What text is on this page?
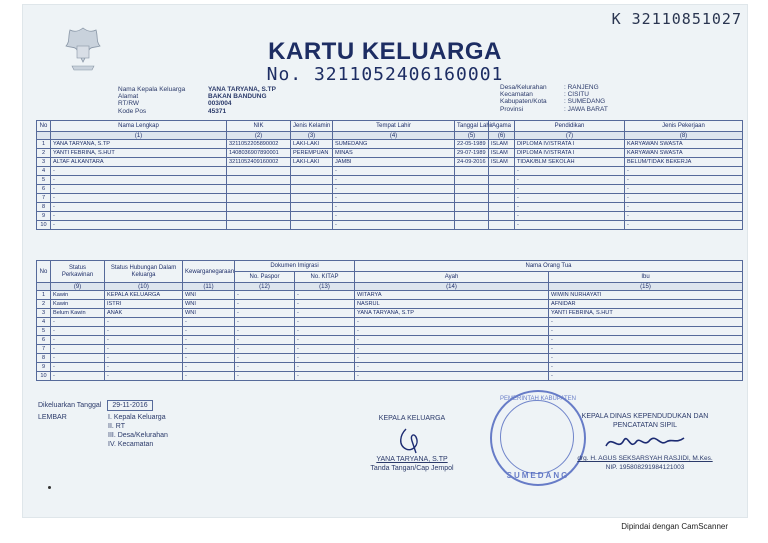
K 32110851027
KARTU KELUARGA
No. 3211052406160001
Nama Kepala Keluarga	YANA TARYANA, S.TP
Alamat	BAKAN BANDUNG
RT/RW	003/004
Kode Pos	45371
Desa/Kelurahan	: RANJENG
Kecamatan	: CISITU
Kabupaten/Kota	: SUMEDANG
Provinsi	: JAWA BARAT
No	Nama Lengkap	NIK	Jenis Kelamin	Tempat Lahir	Tanggal Lahir	Agama	Pendidikan	Jenis Pekerjaan
	(1)	(2)	(3)	(4)	(5)	(6)	(7)	(8)
1	YANA TARYANA, S.TP	3211052205890002	LAKI-LAKI	SUMEDANG	22-05-1989	ISLAM	DIPLOMA IV/STRATA I	KARYAWAN SWASTA
2	YANTI FEBRINA, S.HUT	1408036907890001	PEREMPUAN	MINAS	29-07-1989	ISLAM	DIPLOMA IV/STRATA I	KARYAWAN SWASTA
3	ALTAF ALKANTARA	3211052409160002	LAKI-LAKI	JAMBI	24-09-2016	ISLAM	TIDAK/BLM SEKOLAH	BELUM/TIDAK BEKERJA
4	-			-			-	-
5	-			-			-	-
6	-			-			-	-
7	-			-			-	-
8	-			-			-	-
9	-			-			-	-
10	-			-			-	-
No	Status Perkawinan	Status Hubungan Dalam Keluarga	Kewarganegaraan	Dokumen Imigrasi		Nama Orang Tua	
				No. Paspor	No. KITAP	Ayah	Ibu
	(9)	(10)	(11)	(12)	(13)	(14)	(15)
1	Kawin	KEPALA KELUARGA	WNI	-	-	WITARYA	WIWIN NURHAYATI
2	Kawin	ISTRI	WNI	-	-	NASRUL	AFNIDAR
3	Belum Kawin	ANAK	WNI	-	-	YANA TARYANA, S.TP	YANTI FEBRINA, S.HUT
4	-	-	-	-	-	-	-
5	-	-	-	-	-	-	-
6	-	-	-	-	-	-	-
7	-	-	-	-	-	-	-
8	-	-	-	-	-	-	-
9	-	-	-	-	-	-	-
10	-	-	-	-	-	-	-
Dikeluarkan Tanggal 29-11-2016
LEMBAR	I. Kepala Keluarga
II. RT
III. Desa/Kelurahan
IV. Kecamatan
KEPALA KELUARGA
YANA TARYANA, S.TP
Tanda Tangan/Cap Jempol
PEMERINTAH KABUPATEN
SUMEDANG
KEPALA DINAS KEPENDUDUKAN DAN PENCATATAN SIPIL
drg. H. AGUS SEKSARSYAH RASJIDI, M.Kes.
NIP. 195808291984121003
Dipindai dengan CamScanner
